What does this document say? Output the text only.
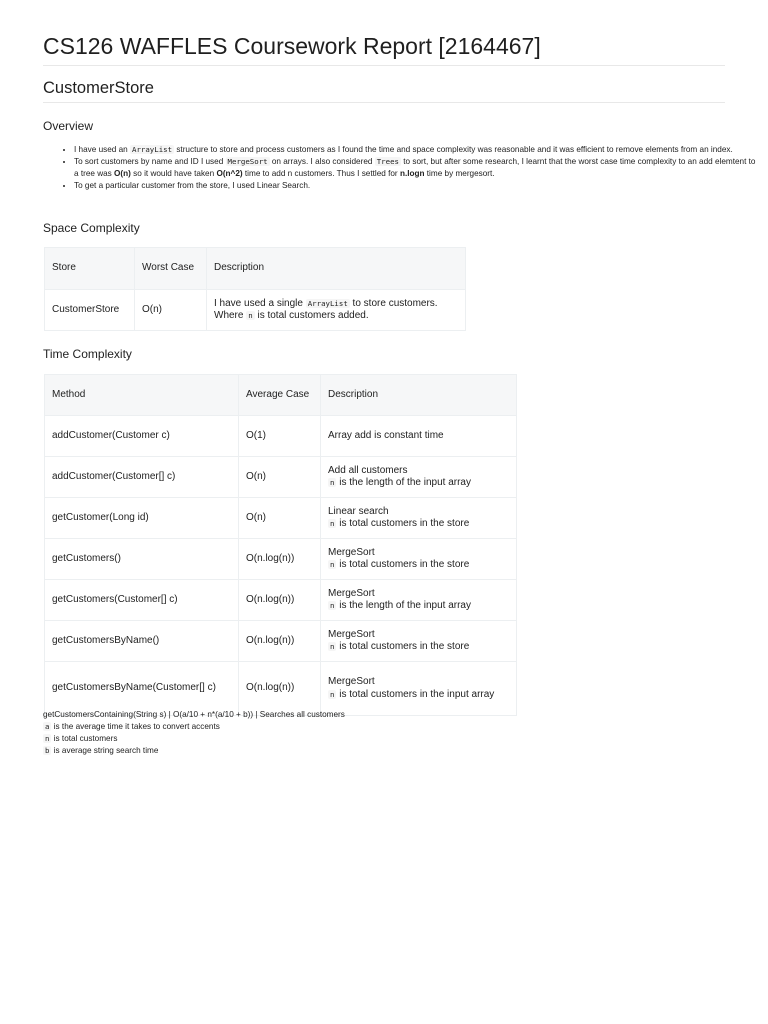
CS126 WAFFLES Coursework Report [2164467]
CustomerStore
Overview
• I have used an ArrayList structure to store and process customers as I found the time and space complexity was reasonable and it was efficient to remove elements from an index.
• To sort customers by name and ID I used MergeSort on arrays. I also considered Trees to sort, but after some research, I learnt that the worst case time complexity to an add elemtent to a tree was O(n) so it would have taken O(n^2) time to add n customers. Thus I settled for n.logn time by mergesort.
• To get a particular customer from the store, I used Linear Search.
Space Complexity
Store	Worst Case	Description
CustomerStore	O(n)	I have used a single ArrayList to store customers.
Where n is total customers added.
Time Complexity
Method	Average Case	Description
addCustomer(Customer c)	O(1)	Array add is constant time
addCustomer(Customer[] c)	O(n)	Add all customers
n is the length of the input array
getCustomer(Long id)	O(n)	Linear search
n is total customers in the store
getCustomers()	O(n.log(n))	MergeSort
n is total customers in the store
getCustomers(Customer[] c)	O(n.log(n))	MergeSort
n is the length of the input array
getCustomersByName()	O(n.log(n))	MergeSort
n is total customers in the store
getCustomersByName(Customer[] c)	O(n.log(n))	MergeSort
n is total customers in the input array
getCustomersContaining(String s) | O(a/10 + n*(a/10 + b)) | Searches all customers
a is the average time it takes to convert accents
n is total customers
b is average string search time
